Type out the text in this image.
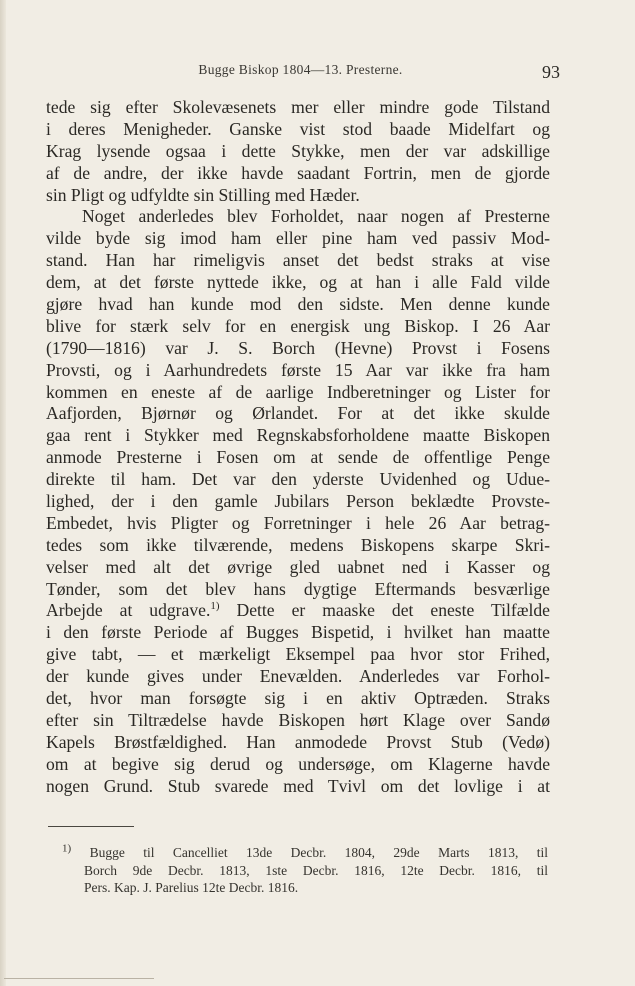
Bugge Biskop 1804—13. Presterne.	93
tede sig efter Skolevæsenets mer eller mindre gode Tilstand
i deres Menigheder. Ganske vist stod baade Midelfart og
Krag lysende ogsaa i dette Stykke, men der var adskillige
af de andre, der ikke havde saadant Fortrin, men de gjorde
sin Pligt og udfyldte sin Stilling med Hæder.
Noget anderledes blev Forholdet, naar nogen af Presterne
vilde byde sig imod ham eller pine ham ved passiv Mod-
stand. Han har rimeligvis anset det bedst straks at vise
dem, at det første nyttede ikke, og at han i alle Fald vilde
gjøre hvad han kunde mod den sidste. Men denne kunde
blive for stærk selv for en energisk ung Biskop. I 26 Aar
(1790—1816) var J. S. Borch (Hevne) Provst i Fosens
Provsti, og i Aarhundredets første 15 Aar var ikke fra ham
kommen en eneste af de aarlige Indberetninger og Lister for
Aafjorden, Bjørnør og Ørlandet. For at det ikke skulde
gaa rent i Stykker med Regnskabsforholdene maatte Biskopen
anmode Presterne i Fosen om at sende de offentlige Penge
direkte til ham. Det var den yderste Uvidenhed og Udue-
lighed, der i den gamle Jubilars Person beklædte Provste-
Embedet, hvis Pligter og Forretninger i hele 26 Aar betrag-
tedes som ikke tilværende, medens Biskopens skarpe Skri-
velser med alt det øvrige gled uabnet ned i Kasser og
Tønder, som det blev hans dygtige Eftermands besværlige
Arbejde at udgrave.$^{1)}$ Dette er maaske det eneste Tilfælde
i den første Periode af Bugges Bispetid, i hvilket han maatte
give tabt, — et mærkeligt Eksempel paa hvor stor Frihed,
der kunde gives under Enevælden. Anderledes var Forhol-
det, hvor man forsøgte sig i en aktiv Optræden. Straks
efter sin Tiltrædelse havde Biskopen hørt Klage over Sandø
Kapels Brøstfældighed. Han anmodede Provst Stub (Vedø)
om at begive sig derud og undersøge, om Klagerne havde
nogen Grund. Stub svarede med Tvivl om det lovlige i at
$^{1)}$ Bugge til Cancelliet 13de Decbr. 1804, 29de Marts 1813, til
Borch 9de Decbr. 1813, 1ste Decbr. 1816, 12te Decbr. 1816, til
Pers. Kap. J. Parelius 12te Decbr. 1816.
